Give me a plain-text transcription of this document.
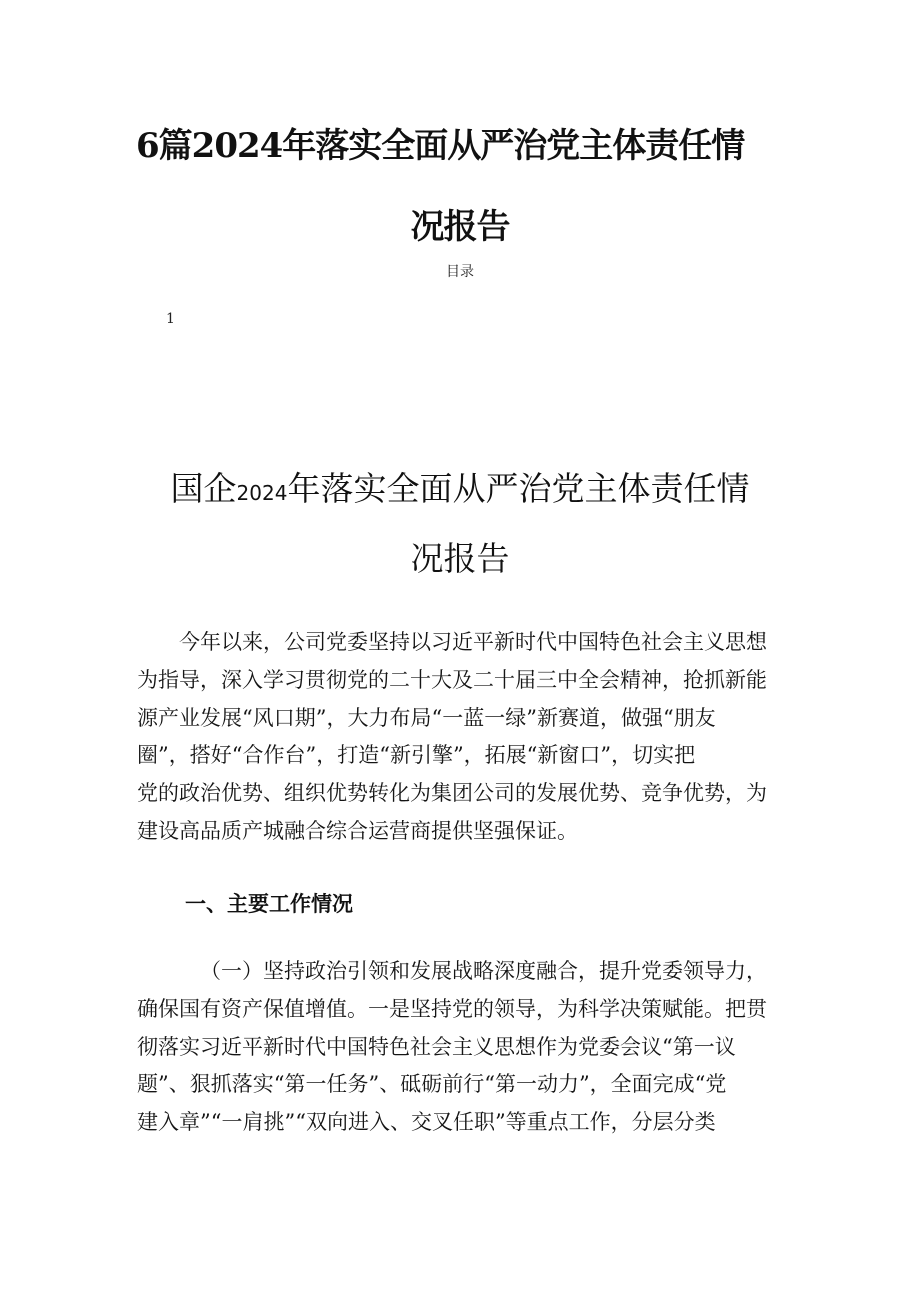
6篇2024年落实全面从严治党主体责任情
况报告
目录
1
国企2024年落实全面从严治党主体责任情
况报告
今年以来，公司党委坚持以习近平新时代中国特色社会主义思想
为指导，深入学习贯彻党的二十大及二十届三中全会精神，抢抓新能
源产业发展“风口期”，大力布局“一蓝一绿”新赛道，做强“朋友
圈”，搭好“合作台”，打造“新引擎”，拓展“新窗口”，切实把
党的政治优势、组织优势转化为集团公司的发展优势、竞争优势，为
建设高品质产城融合综合运营商提供坚强保证。
一、主要工作情况
（一）坚持政治引领和发展战略深度融合，提升党委领导力，
确保国有资产保值增值。一是坚持党的领导，为科学决策赋能。把贯
彻落实习近平新时代中国特色社会主义思想作为党委会议“第一议
题”、狠抓落实“第一任务”、砥砺前行“第一动力”，全面完成“党
建入章”“一肩挑”“双向进入、交叉任职”等重点工作，分层分类
